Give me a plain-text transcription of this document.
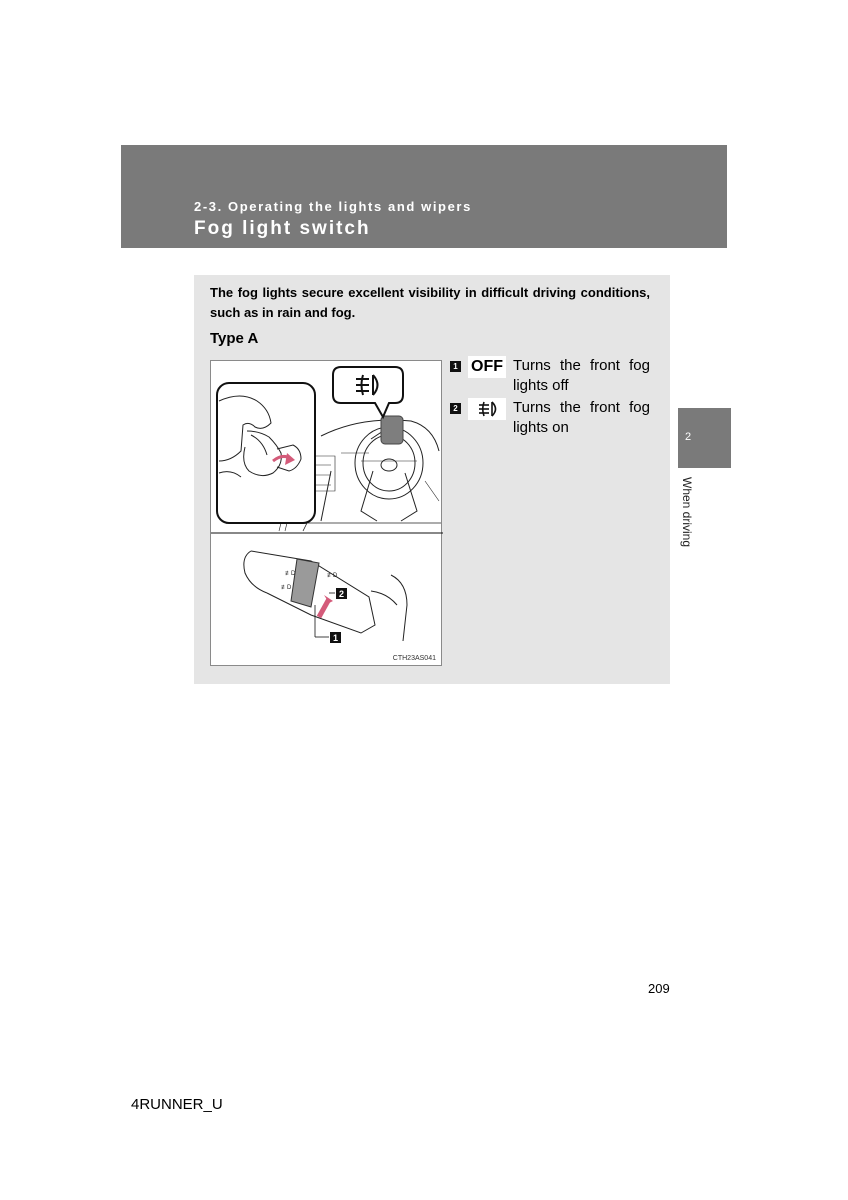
2-3. Operating the lights and wipers

Fog light switch

The fog lights secure excellent visibility in difficult driving conditions, such as in rain and fog.

Type A
≢D
≢D
≢D
2
1
CTH23AS041
1 OFF Turns the front fog lights off

2	Turns the front fog lights on

2
When driving
209
4RUNNER_U
